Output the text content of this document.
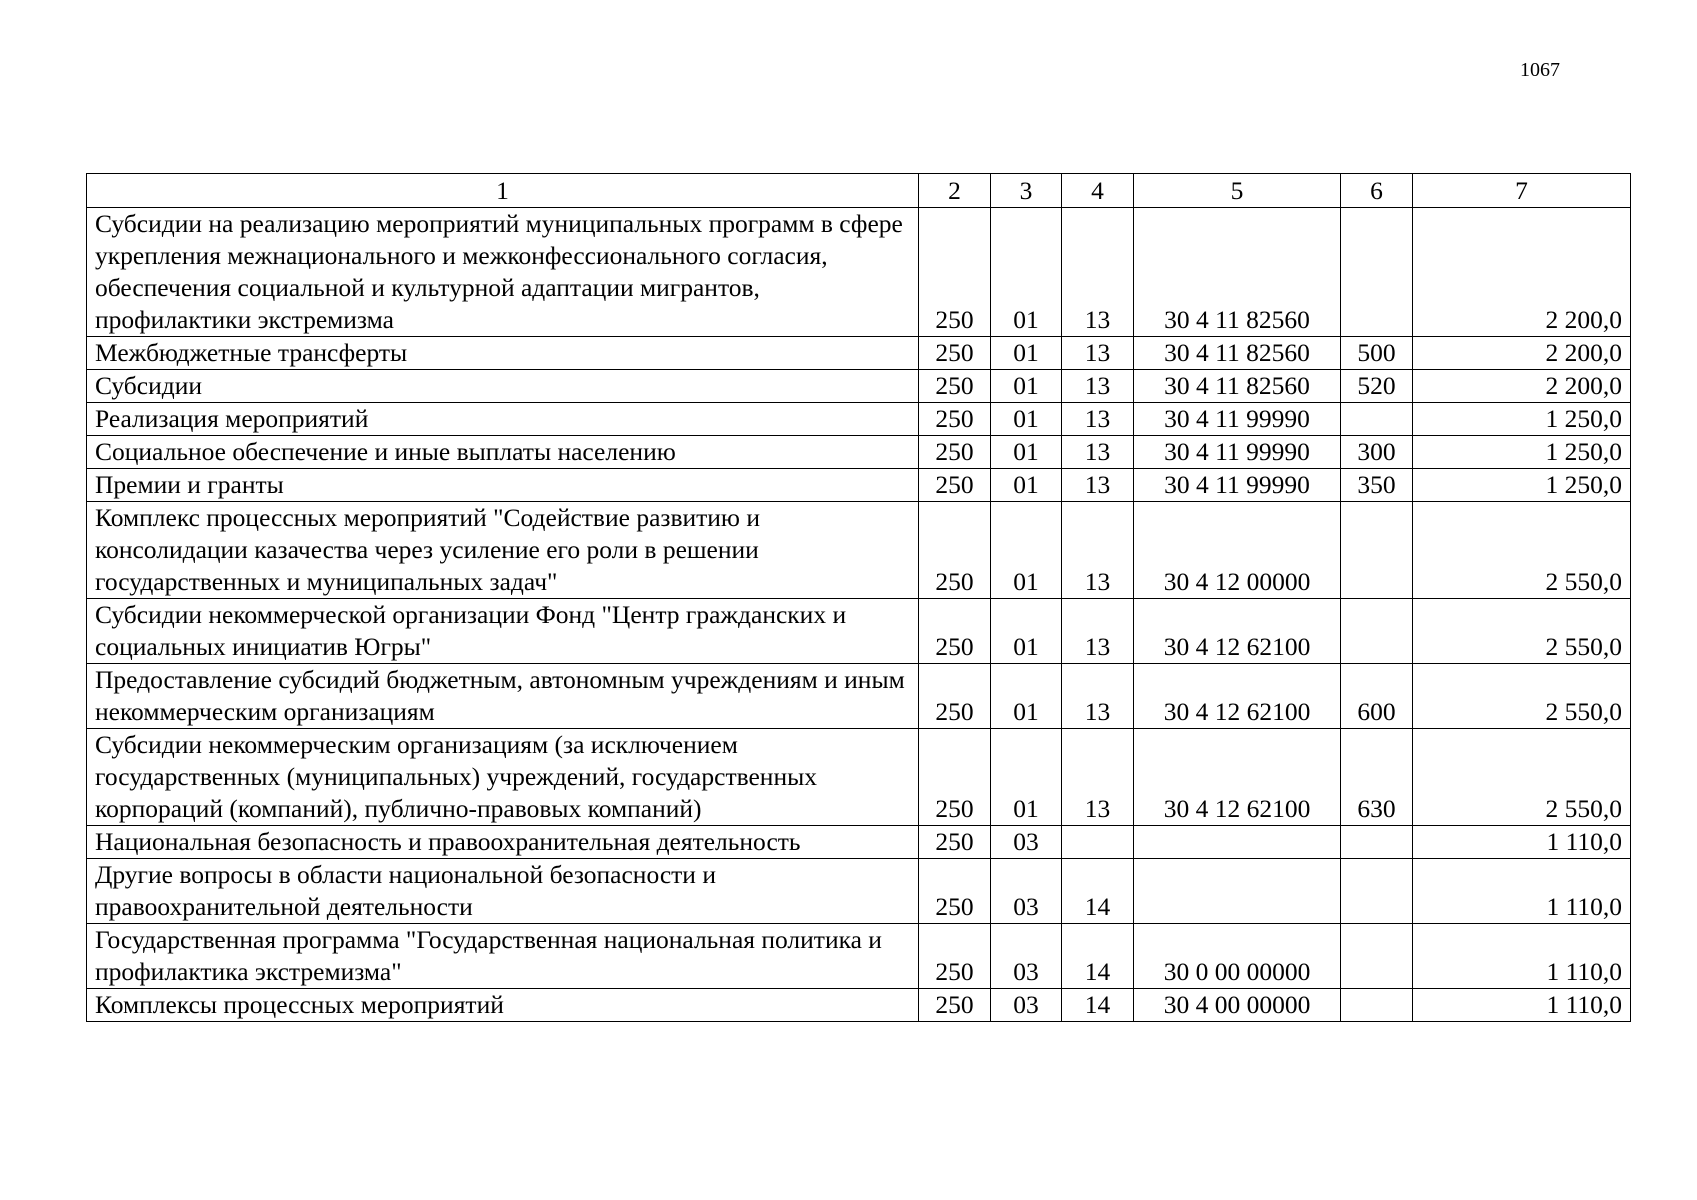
1067
1	2	3	4	5	6	7
Субсидии на реализацию мероприятий муниципальных программ в сфере укрепления межнационального и межконфессионального согласия, обеспечения социальной и культурной адаптации мигрантов, профилактики экстремизма	250	01	13	30 4 11 82560		2 200,0
Межбюджетные трансферты	250	01	13	30 4 11 82560	500	2 200,0
Субсидии	250	01	13	30 4 11 82560	520	2 200,0
Реализация мероприятий	250	01	13	30 4 11 99990		1 250,0
Социальное обеспечение и иные выплаты населению	250	01	13	30 4 11 99990	300	1 250,0
Премии и гранты	250	01	13	30 4 11 99990	350	1 250,0
Комплекс процессных мероприятий "Содействие развитию и консолидации казачества через усиление его роли в решении государственных и муниципальных задач"	250	01	13	30 4 12 00000		2 550,0
Субсидии некоммерческой организации Фонд "Центр гражданских и социальных инициатив Югры"	250	01	13	30 4 12 62100		2 550,0
Предоставление субсидий бюджетным, автономным учреждениям и иным некоммерческим организациям	250	01	13	30 4 12 62100	600	2 550,0
Субсидии некоммерческим организациям (за исключением государственных (муниципальных) учреждений, государственных корпораций (компаний), публично-правовых компаний)	250	01	13	30 4 12 62100	630	2 550,0
Национальная безопасность и правоохранительная деятельность	250	03				1 110,0
Другие вопросы в области национальной безопасности и правоохранительной деятельности	250	03	14			1 110,0
Государственная программа "Государственная национальная политика и профилактика экстремизма"	250	03	14	30 0 00 00000		1 110,0
Комплексы процессных мероприятий	250	03	14	30 4 00 00000		1 110,0
